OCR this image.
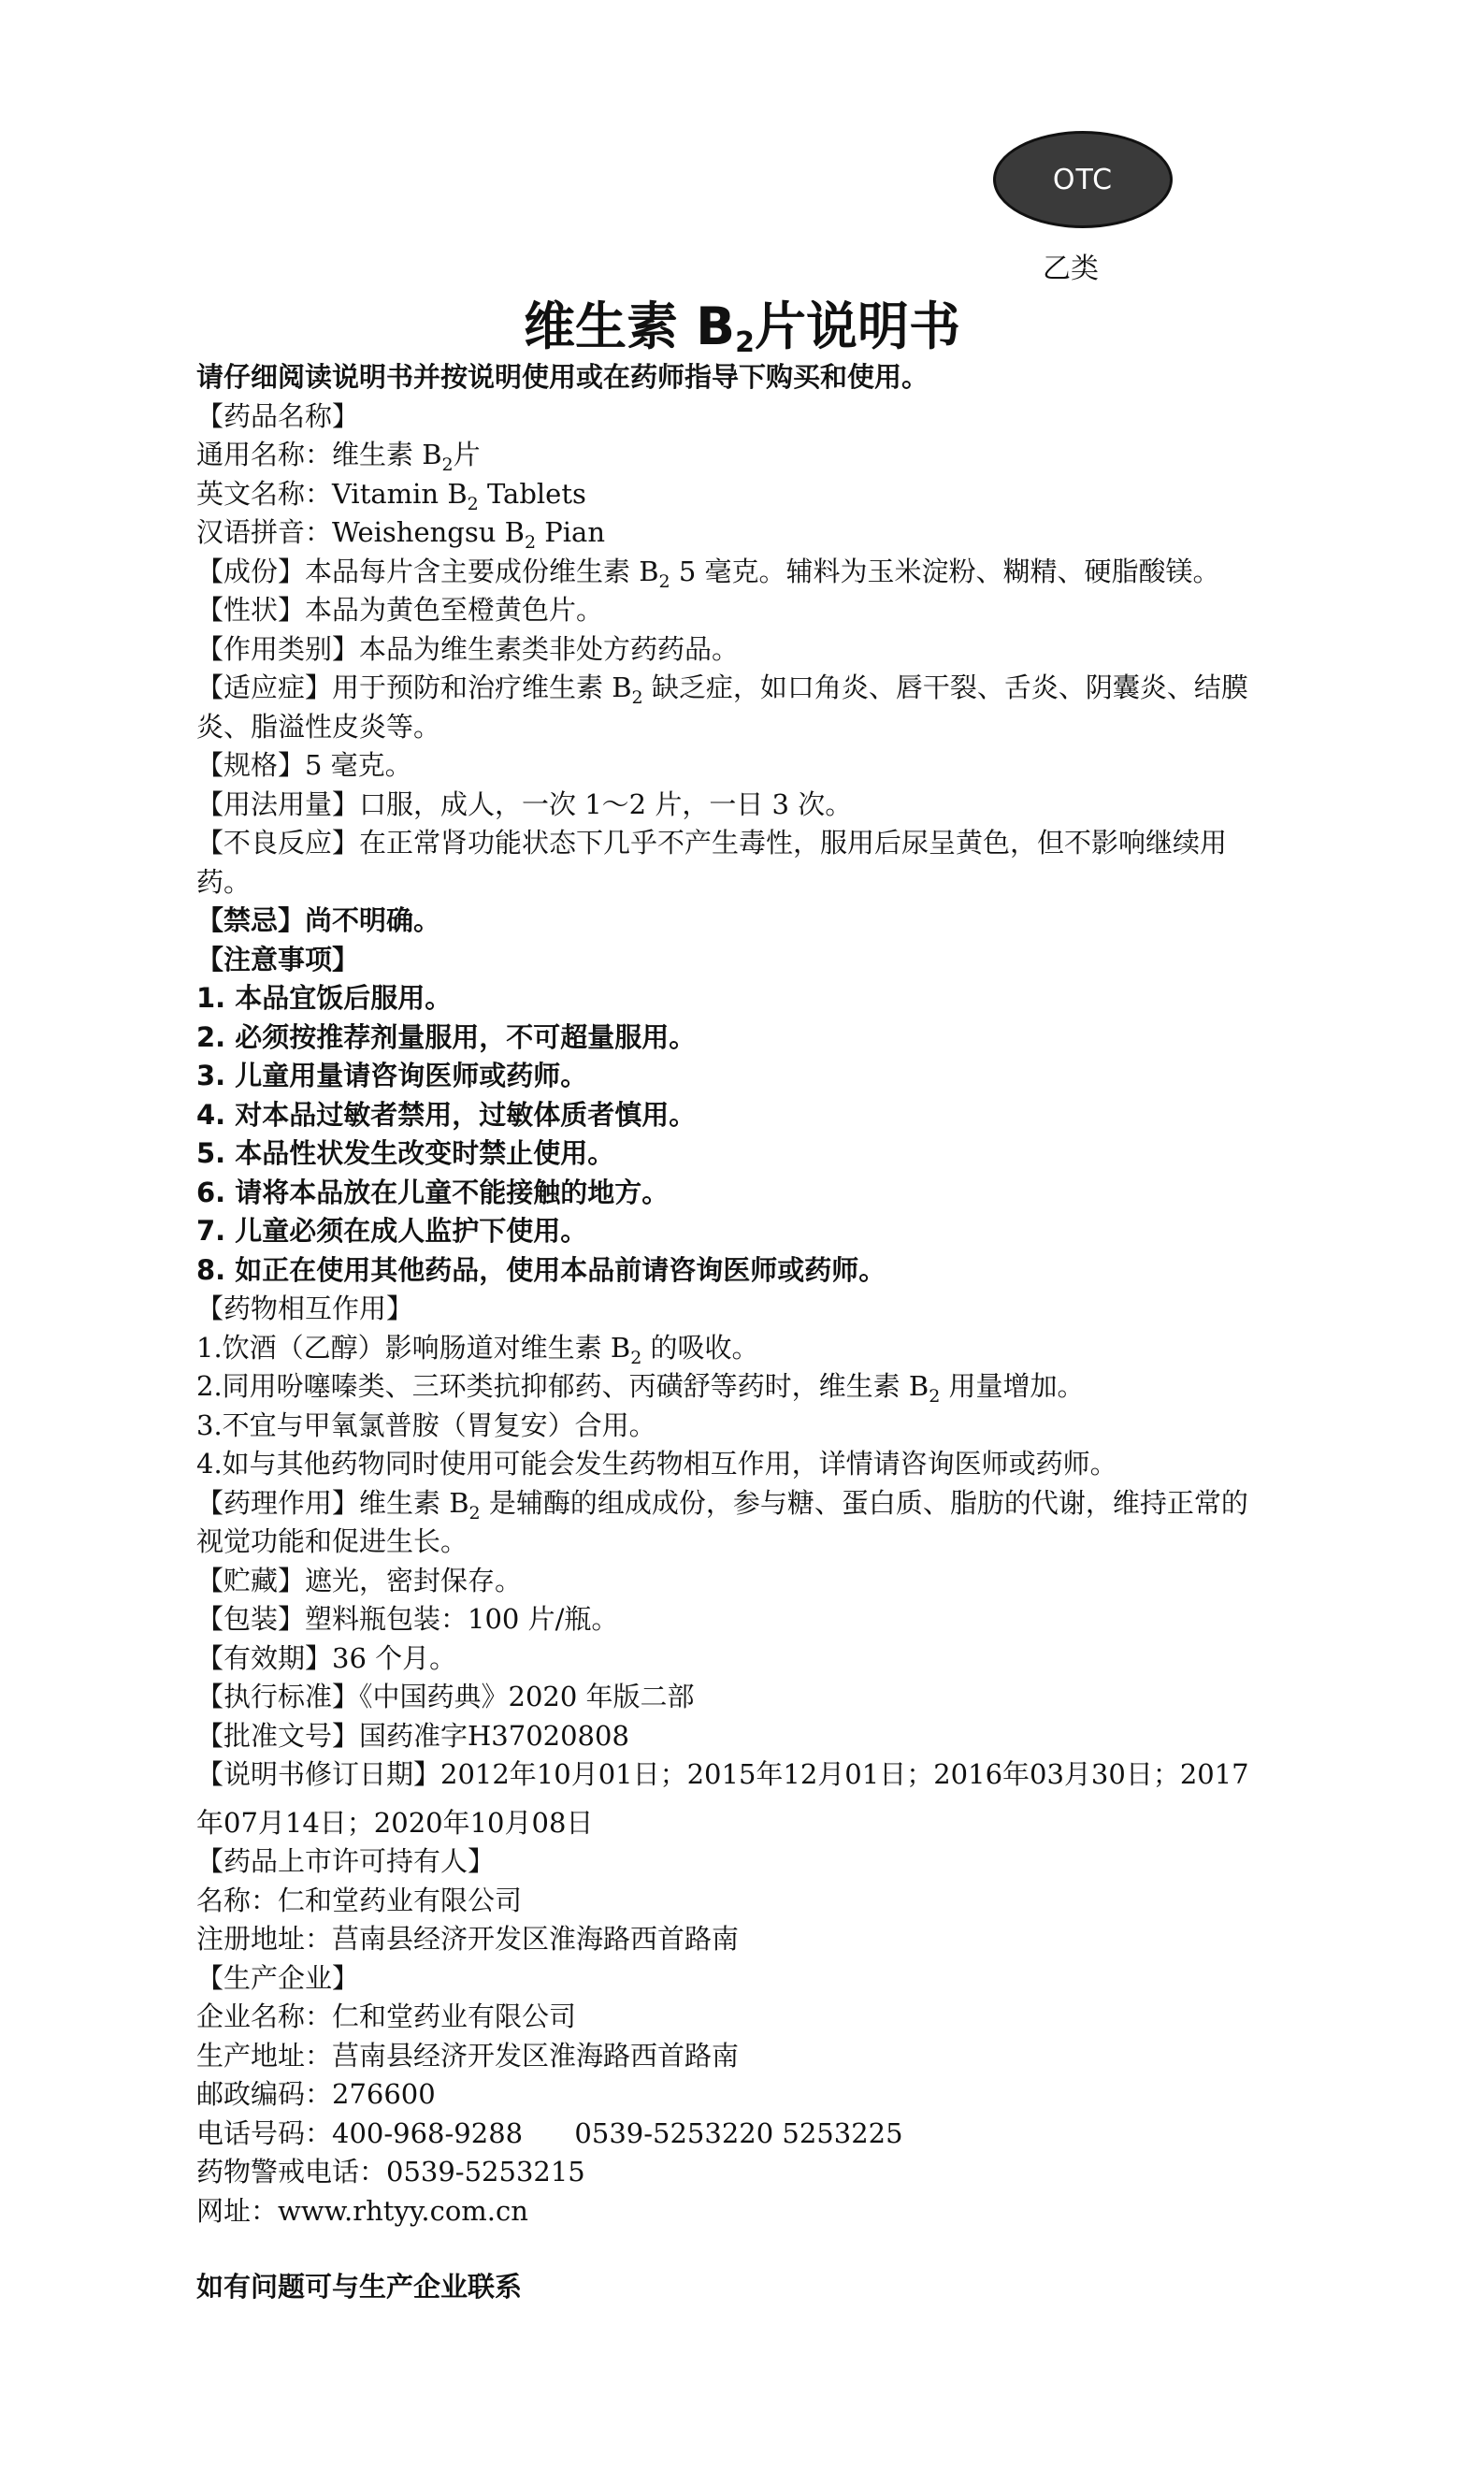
OTC
乙类
维生素 $B_2$片说明书
请仔细阅读说明书并按说明使用或在药师指导下购买和使用。
【药品名称】
通用名称：维生素 $B_2$片
英文名称：Vitamin $B_2$ Tablets
汉语拼音：Weishengsu $B_2$ Pian
【成份】本品每片含主要成份维生素 $B_2$ 5 毫克。辅料为玉米淀粉、糊精、硬脂酸镁。
【性状】本品为黄色至橙黄色片。
【作用类别】本品为维生素类非处方药药品。
【适应症】用于预防和治疗维生素 $B_2$ 缺乏症，如口角炎、唇干裂、舌炎、阴囊炎、结膜炎、脂溢性皮炎等。
【规格】5 毫克。
【用法用量】口服，成人，一次 1～2 片，一日 3 次。
【不良反应】在正常肾功能状态下几乎不产生毒性，服用后尿呈黄色，但不影响继续用药。
【禁忌】尚不明确。
【注意事项】
1. 本品宜饭后服用。
2. 必须按推荐剂量服用，不可超量服用。
3. 儿童用量请咨询医师或药师。
4. 对本品过敏者禁用，过敏体质者慎用。
5. 本品性状发生改变时禁止使用。
6. 请将本品放在儿童不能接触的地方。
7. 儿童必须在成人监护下使用。
8. 如正在使用其他药品，使用本品前请咨询医师或药师。
【药物相互作用】
1.饮酒（乙醇）影响肠道对维生素 $B_2$ 的吸收。
2.同用吩噻嗪类、三环类抗抑郁药、丙磺舒等药时，维生素 $B_2$ 用量增加。
3.不宜与甲氧氯普胺（胃复安）合用。
4.如与其他药物同时使用可能会发生药物相互作用，详情请咨询医师或药师。
【药理作用】维生素 $B_2$ 是辅酶的组成成份，参与糖、蛋白质、脂肪的代谢，维持正常的视觉功能和促进生长。
【贮藏】遮光，密封保存。
【包装】塑料瓶包装：100 片/瓶。
【有效期】36 个月。
【执行标准】《中国药典》2020 年版二部
【批准文号】国药准字H37020808
【说明书修订日期】2012年10月01日；2015年12月01日；2016年03月30日；2017
年07月14日；2020年10月08日
【药品上市许可持有人】
名称：仁和堂药业有限公司
注册地址：莒南县经济开发区淮海路西首路南
【生产企业】
企业名称：仁和堂药业有限公司
生产地址：莒南县经济开发区淮海路西首路南
邮政编码：276600
电话号码：400-968-9288      0539-5253220 5253225
药物警戒电话：0539-5253215
网址：www.rhtyy.com.cn
如有问题可与生产企业联系
